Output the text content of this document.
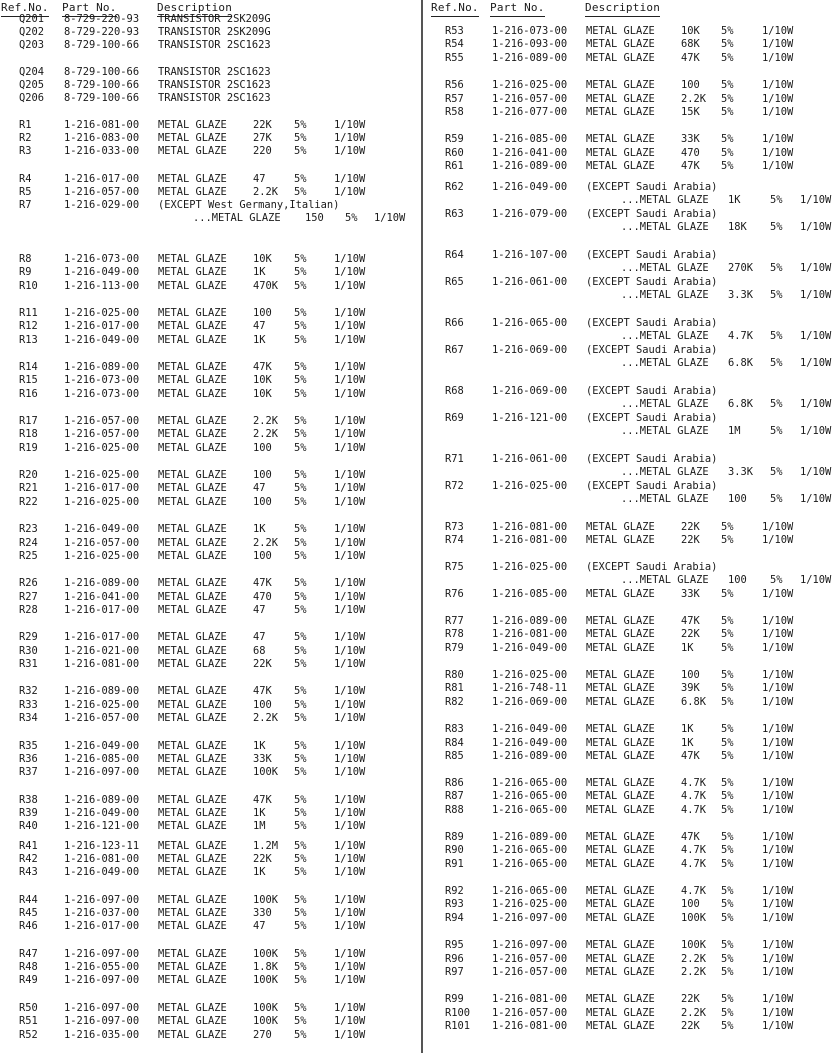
Ref.No. Part No.	Description
Q201 8-729-220-93 TRANSISTOR 2SK209G
Q202 8-729-220-93 TRANSISTOR 2SK209G
Q203 8-729-100-66 TRANSISTOR 2SC1623
Q204 8-729-100-66 TRANSISTOR 2SC1623
Q205 8-729-100-66 TRANSISTOR 2SC1623
Q206 8-729-100-66 TRANSISTOR 2SC1623
R1	1-216-081-00 METAL GLAZE	22K 5%	1/10W
R2	1-216-083-00 METAL GLAZE	27K 5%	1/10W
R3	1-216-033-00 METAL GLAZE	220 5%	1/10W
R4	1-216-017-00 METAL GLAZE	47	5%	1/10W
R5	1-216-057-00 METAL GLAZE	2.2K 5%	1/10W
R7	1-216-029-00 (EXCEPT West Germany,Italian)
...METAL GLAZE 150 5% 1/10W
R8	1-216-073-00 METAL GLAZE	10K 5%	1/10W
R9	1-216-049-00 METAL GLAZE	1K	5%	1/10W
R10	1-216-113-00 METAL GLAZE	470K 5%	1/10W
R11	1-216-025-00 METAL GLAZE	100 5%	1/10W
R12	1-216-017-00 METAL GLAZE	47	5%	1/10W
R13	1-216-049-00 METAL GLAZE	1K	5%	1/10W
R14	1-216-089-00 METAL GLAZE	47K 5%	1/10W
R15	1-216-073-00 METAL GLAZE	10K 5%	1/10W
R16	1-216-073-00 METAL GLAZE	10K 5%	1/10W
R17	1-216-057-00 METAL GLAZE	2.2K 5%	1/10W
R18	1-216-057-00 METAL GLAZE	2.2K 5%	1/10W
R19	1-216-025-00 METAL GLAZE	100 5%	1/10W
R20	1-216-025-00 METAL GLAZE	100 5%	1/10W
R21	1-216-017-00 METAL GLAZE	47	5%	1/10W
R22	1-216-025-00 METAL GLAZE	100 5%	1/10W
R23	1-216-049-00 METAL GLAZE	1K	5%	1/10W
R24	1-216-057-00 METAL GLAZE	2.2K 5%	1/10W
R25	1-216-025-00 METAL GLAZE	100 5%	1/10W
R26	1-216-089-00 METAL GLAZE	47K 5%	1/10W
R27	1-216-041-00 METAL GLAZE	470 5%	1/10W
R28	1-216-017-00 METAL GLAZE	47	5%	1/10W
R29	1-216-017-00 METAL GLAZE	47	5%	1/10W
R30	1-216-021-00 METAL GLAZE	68	5%	1/10W
R31	1-216-081-00 METAL GLAZE	22K 5%	1/10W
R32	1-216-089-00 METAL GLAZE	47K 5%	1/10W
R33	1-216-025-00 METAL GLAZE	100 5%	1/10W
R34	1-216-057-00 METAL GLAZE	2.2K 5%	1/10W
R35	1-216-049-00 METAL GLAZE	1K	5%	1/10W
R36	1-216-085-00 METAL GLAZE	33K 5%	1/10W
R37	1-216-097-00 METAL GLAZE	100K 5%	1/10W
R38	1-216-089-00 METAL GLAZE	47K 5%	1/10W
R39	1-216-049-00 METAL GLAZE	1K	5%	1/10W
R40	1-216-121-00 METAL GLAZE	1M	5%	1/10W
R41	1-216-123-11 METAL GLAZE	1.2M 5%	1/10W
R42	1-216-081-00 METAL GLAZE	22K 5%	1/10W
R43	1-216-049-00 METAL GLAZE	1K	5%	1/10W
R44	1-216-097-00 METAL GLAZE	100K 5%	1/10W
R45	1-216-037-00 METAL GLAZE	330 5%	1/10W
R46	1-216-017-00 METAL GLAZE	47	5%	1/10W
R47	1-216-097-00 METAL GLAZE	100K 5%	1/10W
R48	1-216-055-00 METAL GLAZE	1.8K 5%	1/10W
R49	1-216-097-00 METAL GLAZE	100K 5%	1/10W
R50	1-216-097-00 METAL GLAZE	100K 5%	1/10W
R51	1-216-097-00 METAL GLAZE	100K 5%	1/10W
R52	1-216-035-00 METAL GLAZE	270 5%	1/10W
Ref.No. Part No.	Description
R53	1-216-073-00 METAL GLAZE	10K 5%	1/10W
R54	1-216-093-00 METAL GLAZE	68K 5%	1/10W
R55	1-216-089-00 METAL GLAZE	47K 5%	1/10W
R56	1-216-025-00 METAL GLAZE	100 5%	1/10W
R57	1-216-057-00 METAL GLAZE	2.2K 5%	1/10W
R58	1-216-077-00 METAL GLAZE	15K 5%	1/10W
R59	1-216-085-00 METAL GLAZE	33K 5%	1/10W
R60	1-216-041-00 METAL GLAZE	470 5%	1/10W
R61	1-216-089-00 METAL GLAZE	47K 5%	1/10W
R62	1-216-049-00 (EXCEPT Saudi Arabia)
...METAL GLAZE 1K	5% 1/10W
R63	1-216-079-00 (EXCEPT Saudi Arabia)
...METAL GLAZE 18K 5% 1/10W
R64	1-216-107-00 (EXCEPT Saudi Arabia)
...METAL GLAZE 270K 5% 1/10W
R65	1-216-061-00 (EXCEPT Saudi Arabia)
...METAL GLAZE 3.3K 5% 1/10W
R66	1-216-065-00 (EXCEPT Saudi Arabia)
...METAL GLAZE 4.7K 5% 1/10W
R67	1-216-069-00 (EXCEPT Saudi Arabia)
...METAL GLAZE 6.8K 5% 1/10W
R68	1-216-069-00 (EXCEPT Saudi Arabia)
...METAL GLAZE 6.8K 5% 1/10W
R69	1-216-121-00 (EXCEPT Saudi Arabia)
...METAL GLAZE 1M	5% 1/10W
R71	1-216-061-00 (EXCEPT Saudi Arabia)
...METAL GLAZE 3.3K 5% 1/10W
R72	1-216-025-00 (EXCEPT Saudi Arabia)
...METAL GLAZE 100 5% 1/10W
R73	1-216-081-00 METAL GLAZE	22K 5%	1/10W
R74	1-216-081-00 METAL GLAZE	22K 5%	1/10W
R75	1-216-025-00 (EXCEPT Saudi Arabia)
...METAL GLAZE 100 5% 1/10W
R76	1-216-085-00 METAL GLAZE	33K 5%	1/10W
R77	1-216-089-00 METAL GLAZE	47K 5%	1/10W
R78	1-216-081-00 METAL GLAZE	22K 5%	1/10W
R79	1-216-049-00 METAL GLAZE	1K	5%	1/10W
R80	1-216-025-00 METAL GLAZE	100 5%	1/10W
R81	1-216-748-11 METAL GLAZE	39K 5%	1/10W
R82	1-216-069-00 METAL GLAZE	6.8K 5%	1/10W
R83	1-216-049-00 METAL GLAZE	1K	5%	1/10W
R84	1-216-049-00 METAL GLAZE	1K	5%	1/10W
R85	1-216-089-00 METAL GLAZE	47K 5%	1/10W
R86	1-216-065-00 METAL GLAZE	4.7K 5%	1/10W
R87	1-216-065-00 METAL GLAZE	4.7K 5%	1/10W
R88	1-216-065-00 METAL GLAZE	4.7K 5%	1/10W
R89	1-216-089-00 METAL GLAZE	47K 5%	1/10W
R90	1-216-065-00 METAL GLAZE	4.7K 5%	1/10W
R91	1-216-065-00 METAL GLAZE	4.7K 5%	1/10W
R92	1-216-065-00 METAL GLAZE	4.7K 5%	1/10W
R93	1-216-025-00 METAL GLAZE	100 5%	1/10W
R94	1-216-097-00 METAL GLAZE	100K 5%	1/10W
R95	1-216-097-00 METAL GLAZE	100K 5%	1/10W
R96	1-216-057-00 METAL GLAZE	2.2K 5%	1/10W
R97	1-216-057-00 METAL GLAZE	2.2K 5%	1/10W
R99	1-216-081-00 METAL GLAZE	22K 5%	1/10W
R100 1-216-057-00 METAL GLAZE	2.2K 5%	1/10W
R101 1-216-081-00 METAL GLAZE	22K 5%	1/10W
